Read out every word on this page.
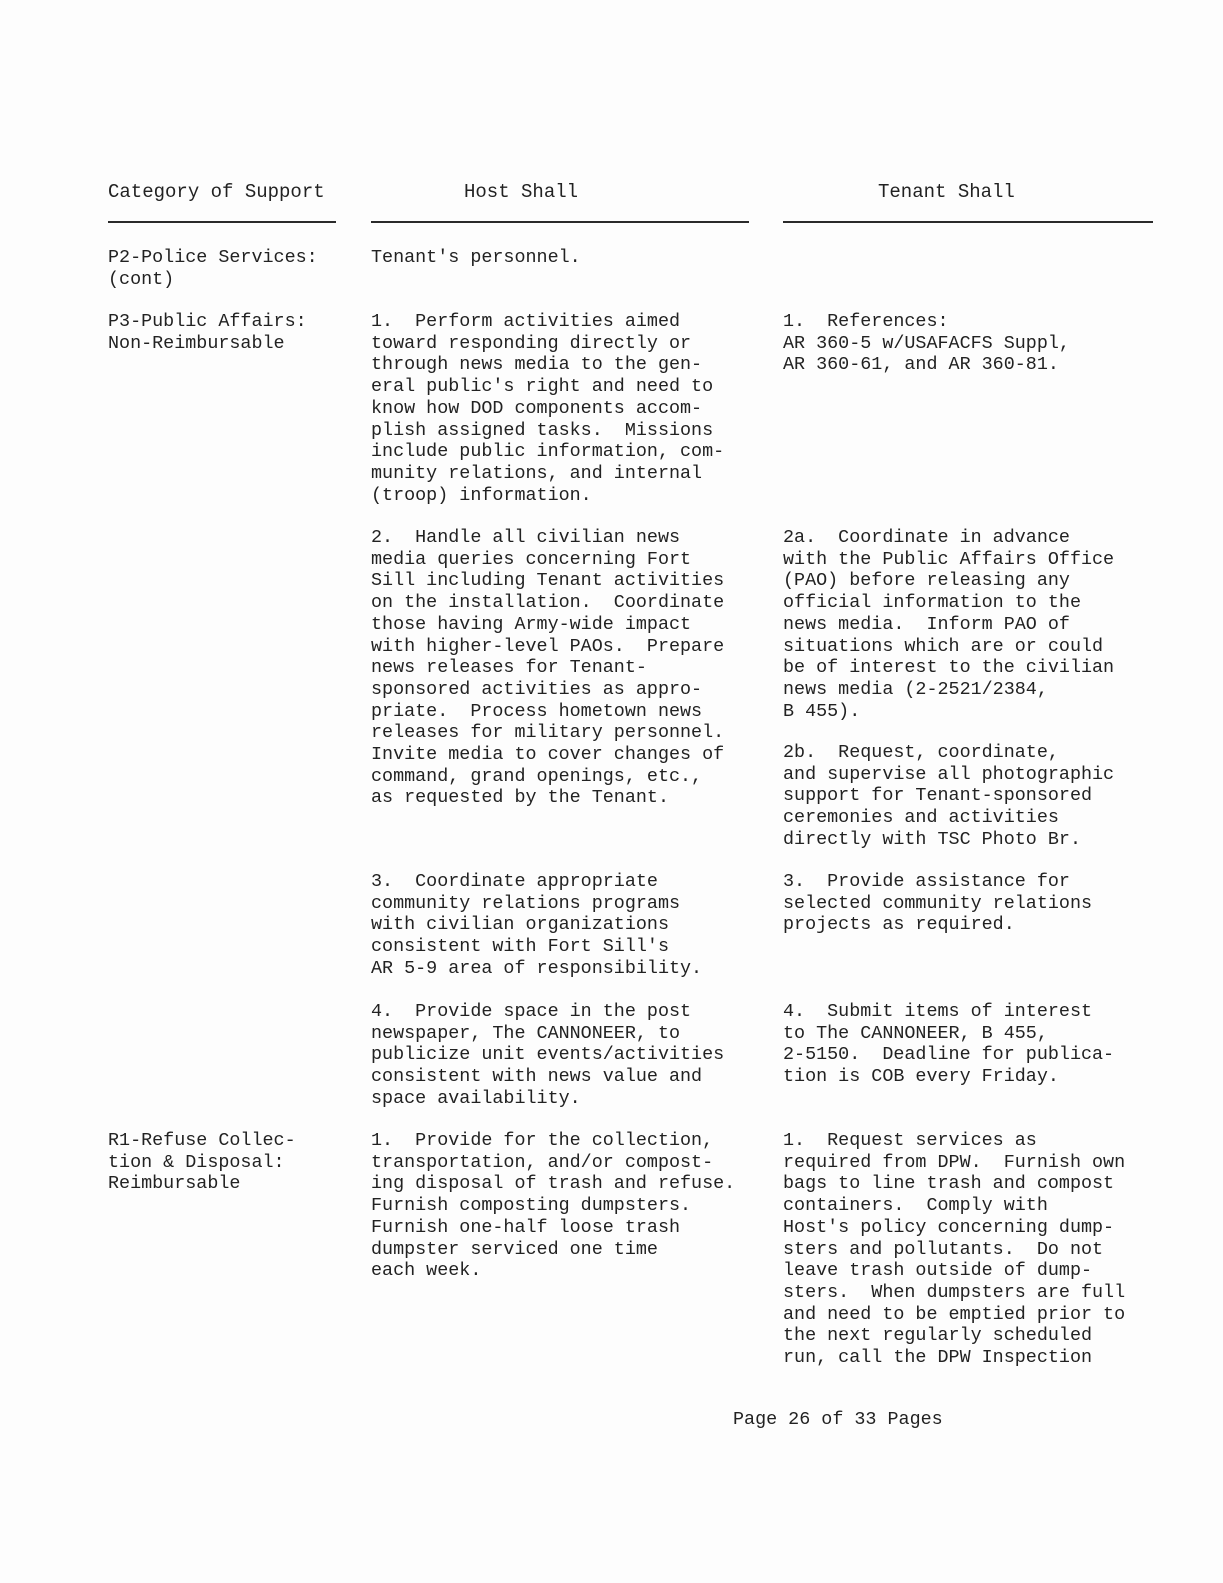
Category of Support	Host Shall	Tenant Shall
P2-Police Services:
(cont)
Tenant's personnel.
P3-Public Affairs:
Non-Reimbursable
1.  Perform activities aimed
toward responding directly or
through news media to the gen-
eral public's right and need to
know how DOD components accom-
plish assigned tasks.  Missions
include public information, com-
munity relations, and internal
(troop) information.
1.  References:
AR 360-5 w/USAFACFS Suppl,
AR 360-61, and AR 360-81.
2.  Handle all civilian news
media queries concerning Fort
Sill including Tenant activities
on the installation.  Coordinate
those having Army-wide impact
with higher-level PAOs.  Prepare
news releases for Tenant-
sponsored activities as appro-
priate.  Process hometown news
releases for military personnel.
Invite media to cover changes of
command, grand openings, etc.,
as requested by the Tenant.
2a.  Coordinate in advance
with the Public Affairs Office
(PAO) before releasing any
official information to the
news media.  Inform PAO of
situations which are or could
be of interest to the civilian
news media (2-2521/2384,
B 455).
2b.  Request, coordinate,
and supervise all photographic
support for Tenant-sponsored
ceremonies and activities
directly with TSC Photo Br.
3.  Coordinate appropriate
community relations programs
with civilian organizations
consistent with Fort Sill's
AR 5-9 area of responsibility.
3.  Provide assistance for
selected community relations
projects as required.
4.  Provide space in the post
newspaper, The CANNONEER, to
publicize unit events/activities
consistent with news value and
space availability.
4.  Submit items of interest
to The CANNONEER, B 455,
2-5150.  Deadline for publica-
tion is COB every Friday.
R1-Refuse Collec-
tion & Disposal:
Reimbursable
1.  Provide for the collection,
transportation, and/or compost-
ing disposal of trash and refuse.
Furnish composting dumpsters.
Furnish one-half loose trash
dumpster serviced one time
each week.
1.  Request services as
required from DPW.  Furnish own
bags to line trash and compost
containers.  Comply with
Host's policy concerning dump-
sters and pollutants.  Do not
leave trash outside of dump-
sters.  When dumpsters are full
and need to be emptied prior to
the next regularly scheduled
run, call the DPW Inspection
Page 26 of 33 Pages
